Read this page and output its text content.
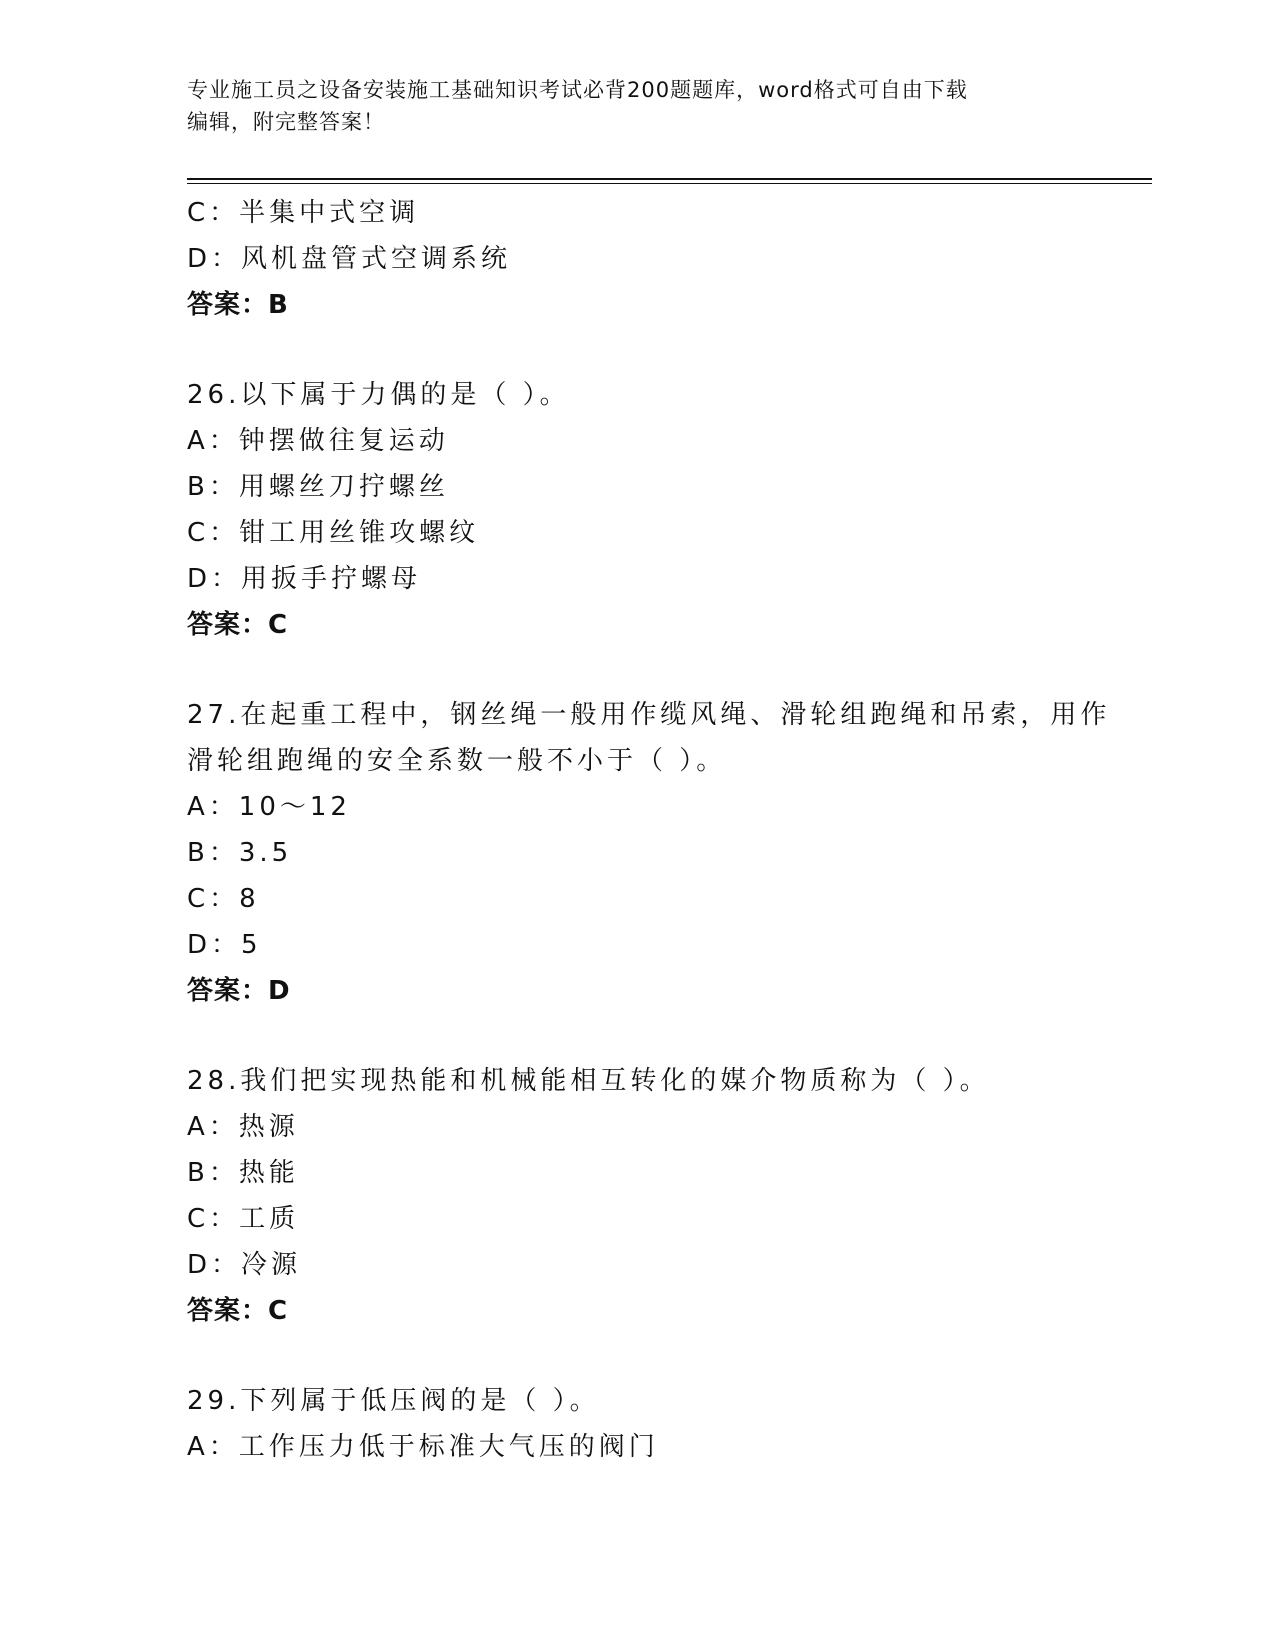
专业施工员之设备安装施工基础知识考试必背200题题库，word格式可自由下载
编辑，附完整答案！
C：半集中式空调
D：风机盘管式空调系统
答案：B
26.以下属于力偶的是（ ）。
A：钟摆做往复运动
B：用螺丝刀拧螺丝
C：钳工用丝锥攻螺纹
D：用扳手拧螺母
答案：C
27.在起重工程中，钢丝绳一般用作缆风绳、滑轮组跑绳和吊索，用作
滑轮组跑绳的安全系数一般不小于（ ）。
A：10～12
B：3.5
C：8
D：5
答案：D
28.我们把实现热能和机械能相互转化的媒介物质称为（ ）。
A：热源
B：热能
C：工质
D：冷源
答案：C
29.下列属于低压阀的是（ ）。
A：工作压力低于标准大气压的阀门
